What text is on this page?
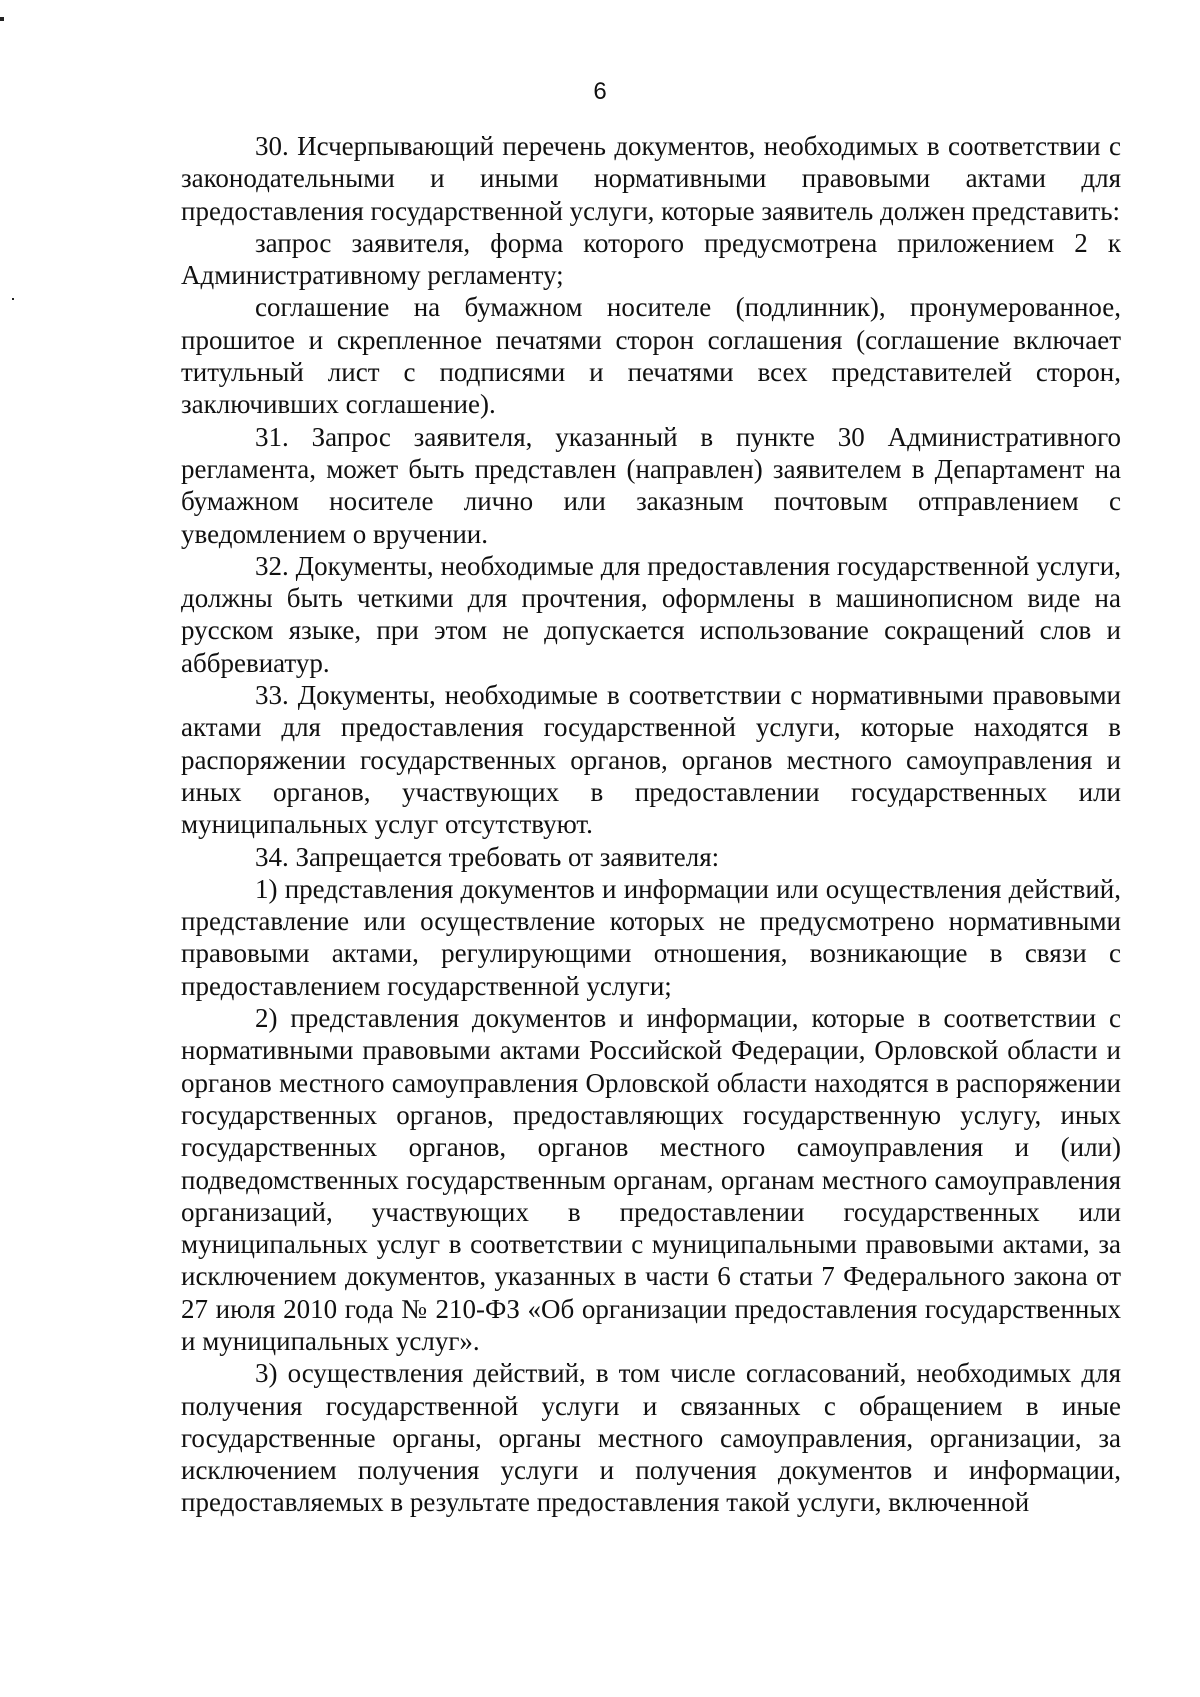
6

30. Исчерпывающий перечень документов, необходимых в соответствии с законодательными и иными нормативными правовыми актами для предоставления государственной услуги, которые заявитель должен представить:

запрос заявителя, форма которого предусмотрена приложением 2 к Административному регламенту;

соглашение на бумажном носителе (подлинник), пронумерованное, прошитое и скрепленное печатями сторон соглашения (соглашение включает титульный лист с подписями и печатями всех представителей сторон, заключивших соглашение).

31. Запрос заявителя, указанный в пункте 30 Административного регламента, может быть представлен (направлен) заявителем в Департамент на бумажном носителе лично или заказным почтовым отправлением с уведомлением о вручении.

32. Документы, необходимые для предоставления государственной услуги, должны быть четкими для прочтения, оформлены в машинописном виде на русском языке, при этом не допускается использование сокращений слов и аббревиатур.

33. Документы, необходимые в соответствии с нормативными правовыми актами для предоставления государственной услуги, которые находятся в распоряжении государственных органов, органов местного самоуправления и иных органов, участвующих в предоставлении государственных или муниципальных услуг отсутствуют.

34. Запрещается требовать от заявителя:

1) представления документов и информации или осуществления действий, представление или осуществление которых не предусмотрено нормативными правовыми актами, регулирующими отношения, возникающие в связи с предоставлением государственной услуги;

2) представления документов и информации, которые в соответствии с нормативными правовыми актами Российской Федерации, Орловской области и органов местного самоуправления Орловской области находятся в распоряжении государственных органов, предоставляющих государственную услугу, иных государственных органов, органов местного самоуправления и (или) подведомственных государственным органам, органам местного самоуправления организаций, участвующих в предоставлении государственных или муниципальных услуг в соответствии с муниципальными правовыми актами, за исключением документов, указанных в части 6 статьи 7 Федерального закона от 27 июля 2010 года № 210-ФЗ «Об организации предоставления государственных и муниципальных услуг».

3) осуществления действий, в том числе согласований, необходимых для получения государственной услуги и связанных с обращением в иные государственные органы, органы местного самоуправления, организации, за исключением получения услуги и получения документов и информации, предоставляемых в результате предоставления такой услуги, включенной
